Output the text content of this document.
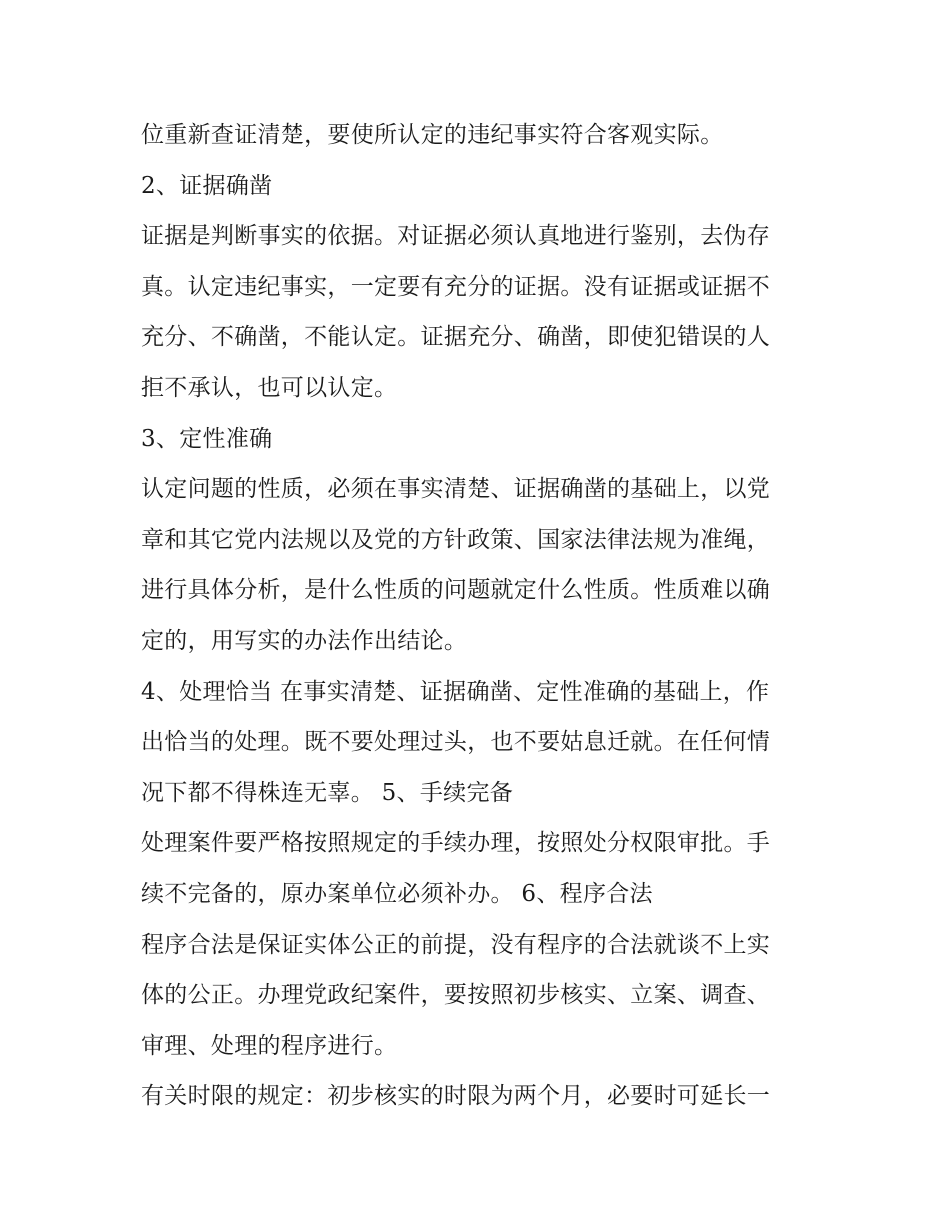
位重新查证清楚，要使所认定的违纪事实符合客观实际。
2、证据确凿
证据是判断事实的依据。对证据必须认真地进行鉴别，去伪存
真。认定违纪事实，一定要有充分的证据。没有证据或证据不
充分、不确凿，不能认定。证据充分、确凿，即使犯错误的人
拒不承认，也可以认定。
3、定性准确
认定问题的性质，必须在事实清楚、证据确凿的基础上，以党
章和其它党内法规以及党的方针政策、国家法律法规为准绳，
进行具体分析，是什么性质的问题就定什么性质。性质难以确
定的，用写实的办法作出结论。
4、处理恰当 在事实清楚、证据确凿、定性准确的基础上，作
出恰当的处理。既不要处理过头，也不要姑息迁就。在任何情
况下都不得株连无辜。 5、手续完备
处理案件要严格按照规定的手续办理，按照处分权限审批。手
续不完备的，原办案单位必须补办。 6、程序合法
程序合法是保证实体公正的前提，没有程序的合法就谈不上实
体的公正。办理党政纪案件，要按照初步核实、立案、调查、
审理、处理的程序进行。
有关时限的规定：初步核实的时限为两个月，必要时可延长一
